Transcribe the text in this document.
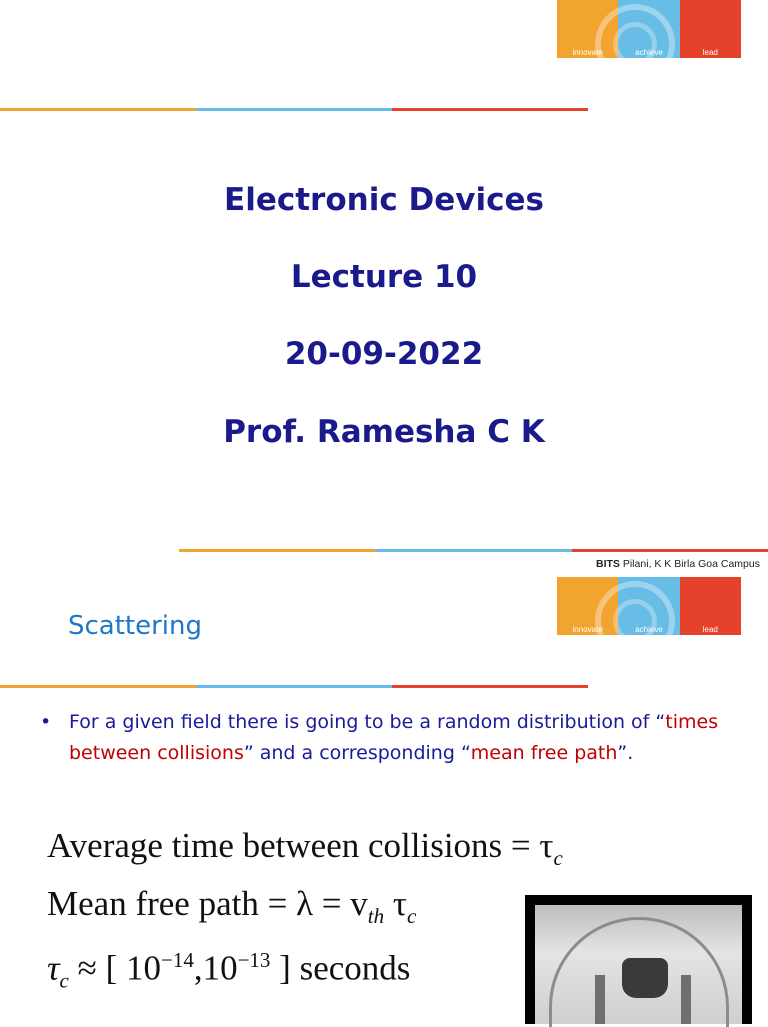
innovate	achieve	lead
Electronic Devices
Lecture 10
20-09-2022
Prof. Ramesha C K
BITS Pilani, K K Birla Goa Campus
innovate	achieve	lead
Scattering
• For a given field there is going to be a random distribution of “times between collisions” and a corresponding “mean free path”.
Average time between collisions = $\tau_c$
Mean free path = $\lambda = v_{th}$ $\tau_c$
$\tau_c$ ≈ [ $10^{-14},10^{-13}$ ] seconds
